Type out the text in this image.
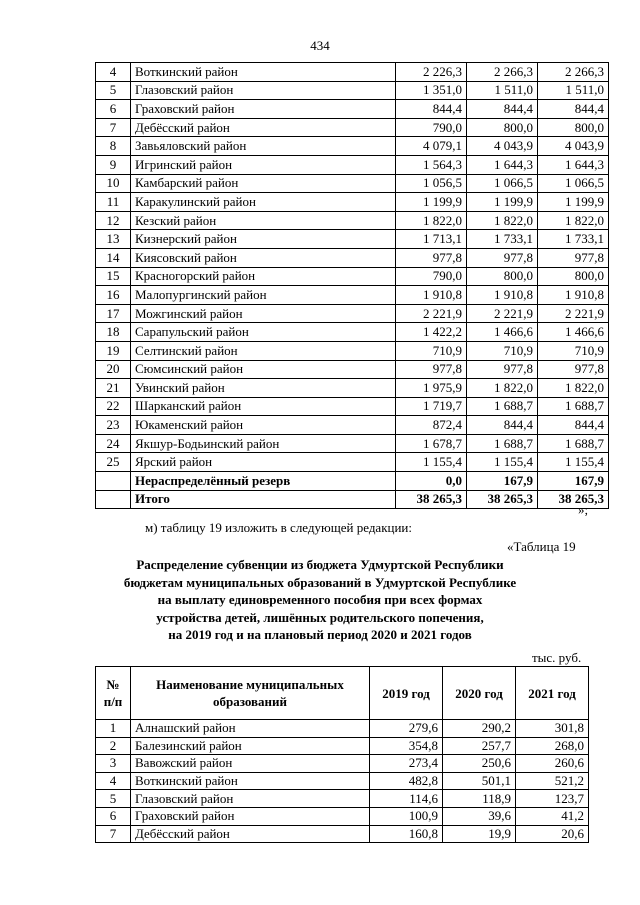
434
4	Воткинский район	2 226,3	2 266,3	2 266,3
5	Глазовский район	1 351,0	1 511,0	1 511,0
6	Граховский район	844,4	844,4	844,4
7	Дебёсский район	790,0	800,0	800,0
8	Завьяловский район	4 079,1	4 043,9	4 043,9
9	Игринский район	1 564,3	1 644,3	1 644,3
10	Камбарский район	1 056,5	1 066,5	1 066,5
11	Каракулинский район	1 199,9	1 199,9	1 199,9
12	Кезский район	1 822,0	1 822,0	1 822,0
13	Кизнерский район	1 713,1	1 733,1	1 733,1
14	Киясовский район	977,8	977,8	977,8
15	Красногорский район	790,0	800,0	800,0
16	Малопургинский район	1 910,8	1 910,8	1 910,8
17	Можгинский район	2 221,9	2 221,9	2 221,9
18	Сарапульский район	1 422,2	1 466,6	1 466,6
19	Селтинский район	710,9	710,9	710,9
20	Сюмсинский район	977,8	977,8	977,8
21	Увинский район	1 975,9	1 822,0	1 822,0
22	Шарканский район	1 719,7	1 688,7	1 688,7
23	Юкаменский район	872,4	844,4	844,4
24	Якшур-Бодьинский район	1 678,7	1 688,7	1 688,7
25	Ярский район	1 155,4	1 155,4	1 155,4
	Нераспределённый резерв	0,0	167,9	167,9
	Итого	38 265,3	38 265,3	38 265,3
»;
м) таблицу 19 изложить в следующей редакции:
«Таблица 19
Распределение субвенции из бюджета Удмуртской Республики
бюджетам муниципальных образований в Удмуртской Республике
на выплату единовременного пособия при всех формах
устройства детей, лишённых родительского попечения,
на 2019 год и на плановый период 2020 и 2021 годов
тыс. руб.
№ п/п	Наименование муниципальных образований	2019 год	2020 год	2021 год
1	Алнашский район	279,6	290,2	301,8
2	Балезинский район	354,8	257,7	268,0
3	Вавожский район	273,4	250,6	260,6
4	Воткинский район	482,8	501,1	521,2
5	Глазовский район	114,6	118,9	123,7
6	Граховский район	100,9	39,6	41,2
7	Дебёсский район	160,8	19,9	20,6
